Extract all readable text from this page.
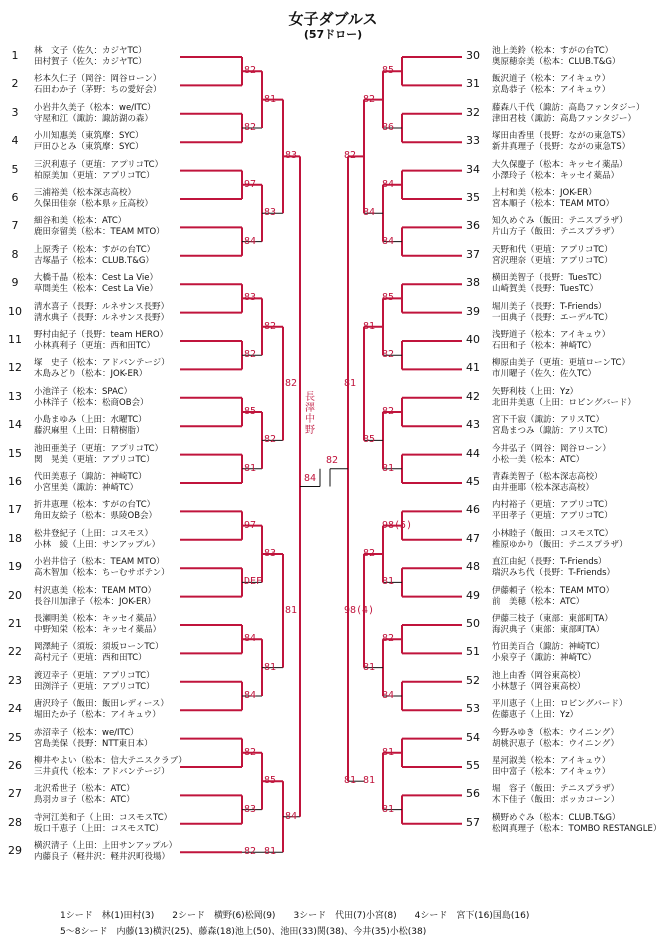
女子ダブルス
(57ドロー)
1	林　文子（佐久：カジヤTC）
田村賀子（佐久：カジヤTC）
2	杉本久仁子（岡谷：岡谷ローン）
石田わか子（茅野：ちの愛好会）
3	小岩井久美子（松本：we/ITC）
守屋和江（諏訪：諏訪湖の森）
4	小川知惠美（東筑摩：SYC）
戸田ひとみ（東筑摩：SYC）
5	三沢利恵子（更埴：アプリコTC）
柏原美加（更埴：アプリコTC）
6	三浦裕美（松本深志高校）
久保田佳奈（松本県ヶ丘高校）
7	細谷和美（松本：ATC）
鹿田奈留美（松本：TEAM MTO）
8	上原秀子（松本：すがの台TC）
吉塚晶子（松本：CLUB.T&G）
9	大橋千晶（松本：Cest La Vie）
草間美生（松本：Cest La Vie）
10	清水喜子（長野：ルネサンス長野）
清水典子（長野：ルネサンス長野）
11	野村由紀子（長野：team HERO）
小林真利子（更埴：西和田TC）
12	塚　史子（松本：アドバンテージ）
木島みどり（松本：JOK-ER）
13	小池洋子（松本：SPAC）
小林洋子（松本：松商OB会）
14	小島まゆみ（上田：水曜TC）
藤沢麻里（上田：日精樹脂）
15	池田亜美子（更埴：アプリコTC）
関　晃美（更埴：アプリコTC）
16	代田美恵子（諏訪：神崎TC）
小宮里美（諏訪：神崎TC）
17	折井恵理（松本：すがの台TC）
角田友絵子（松本：県陵OB会）
18	松井登紀子（上田：コスモス）
小林　綾（上田：サンアップル）
19	小岩井信子（松本：TEAM MTO）
高木智加（松本：ちーむサボテン）
20	村沢恵美（松本：TEAM MTO）
長谷川加津子（松本：JOK-ER）
21	長瀬明美（松本：キッセイ薬品）
中野知栄（松本：キッセイ薬品）
22	岡澤純子（須坂：須坂ローンTC）
高村元子（更埴：西和田TC）
23	渡辺幸子（更埴：アプリコTC）
田渕洋子（更埴：アプリコTC）
24	唐沢玲子（飯田：飯田レディース）
堀田たか子（松本：アイキュウ）
25	赤沼幸子（松本：we/ITC）
宮島美保（長野：NTT東日本）
26	柳井やよい（松本：信大テニスクラブ）
三井貞代（松本：アドバンテージ）
27	北沢希世子（松本：ATC）
鳥羽カヨ子（松本：ATC）
28	寺河江美和子（上田：コスモスTC）
坂口千恵子（上田：コスモスTC）
29	横沢清子（上田：上田サンアップル）
内藤良子（軽井沢：軽井沢町役場）
30	池上美鈴（松本：すがの台TC）
奥原穂奈美（松本：CLUB.T&G）
31	飯沢道子（松本：アイキュウ）
京島恭子（松本：アイキュウ）
32	藤森八千代（諏訪：高島ファンタジー）
津田君枝（諏訪：高島ファンタジー）
33	塚田由香里（長野：ながの東急TS）
新井真理子（長野：ながの東急TS）
34	大久保慶子（松本：キッセイ薬品）
小澤玲子（松本：キッセイ薬品）
35	上村和美（松本：JOK-ER）
宮本順子（松本：TEAM MTO）
36	知久めぐみ（飯田：テニスプラザ）
片山方子（飯田：テニスプラザ）
37	天野和代（更埴：アプリコTC）
宮沢理奈（更埴：アプリコTC）
38	横田美智子（長野：TuesTC）
山崎賀美（長野：TuesTC）
39	堀川美子（長野：T-Friends）
一田典子（長野：エーデルTC）
40	浅野道子（松本：アイキュウ）
石田和子（松本：神崎TC）
41	柳原由美子（更埴：更埴ローンTC）
市川曜子（佐久：佐久TC）
42	矢野利枝（上田：Yz）
北田井美恵（上田：ロビングバード）
43	宮下千寂（諏訪：アリスTC）
宮島まつみ（諏訪：アリスTC）
44	今井弘子（岡谷：岡谷ローン）
小松一美（松本：ATC）
45	青森美智子（松本深志高校）
由井亜耶（松本深志高校）
46	内村裕子（更埴：アプリコTC）
平田孝子（更埴：アプリコTC）
47	小林睦子（飯田：コスモスTC）
椎原ゆかり（飯田：テニスプラザ）
48	直江由紀（長野：T-Friends）
瑞沢みち代（長野：T-Friends）
49	伊藤頼子（松本：TEAM MTO）
前　美穂（松本：ATC）
50	伊藤三枝子（東部：東部町TA）
海沢典子（東部：東部町TA）
51	竹田美百合（諏訪：神崎TC）
小泉亨子（諏訪：神崎TC）
52	池上由香（岡谷東高校）
小林慧子（岡谷東高校）
53	平川恵子（上田：ロビングバード）
佐藤恵子（上田：Yz）
54	今野みゆき（松本：ウイニング）
胡桃沢恵子（松本：ウイニング）
55	星河淑美（松本：アイキュウ）
田中富子（松本：アイキュウ）
56	堀　容子（飯田：テニスプラザ）
木下佳子（飯田：ポッカコーン）
57	横野めぐみ（松本：CLUB.T&G）
松岡真理子（松本：TOMBO RESTANGLE）
82
82
97
84
83
82
85
81
97
DEF
84
84
82
83
82
81
83
82
82
83
81
85
81
83
82
81
84
85
86
84
84
85
82
82
81
98(5)
81
82
84
81
81
82
84
81
85
82
81
81
82
81
98(4)
81
84
82
長澤 中野
1シード　林(1)田村(3)　　2シード　横野(6)松岡(9)　　3シード　代田(7)小宮(8)　　4シード　宮下(16)国島(16)
5～8シード　内藤(13)横沢(25)、藤森(18)池上(50)、池田(33)関(38)、今井(35)小松(38)
